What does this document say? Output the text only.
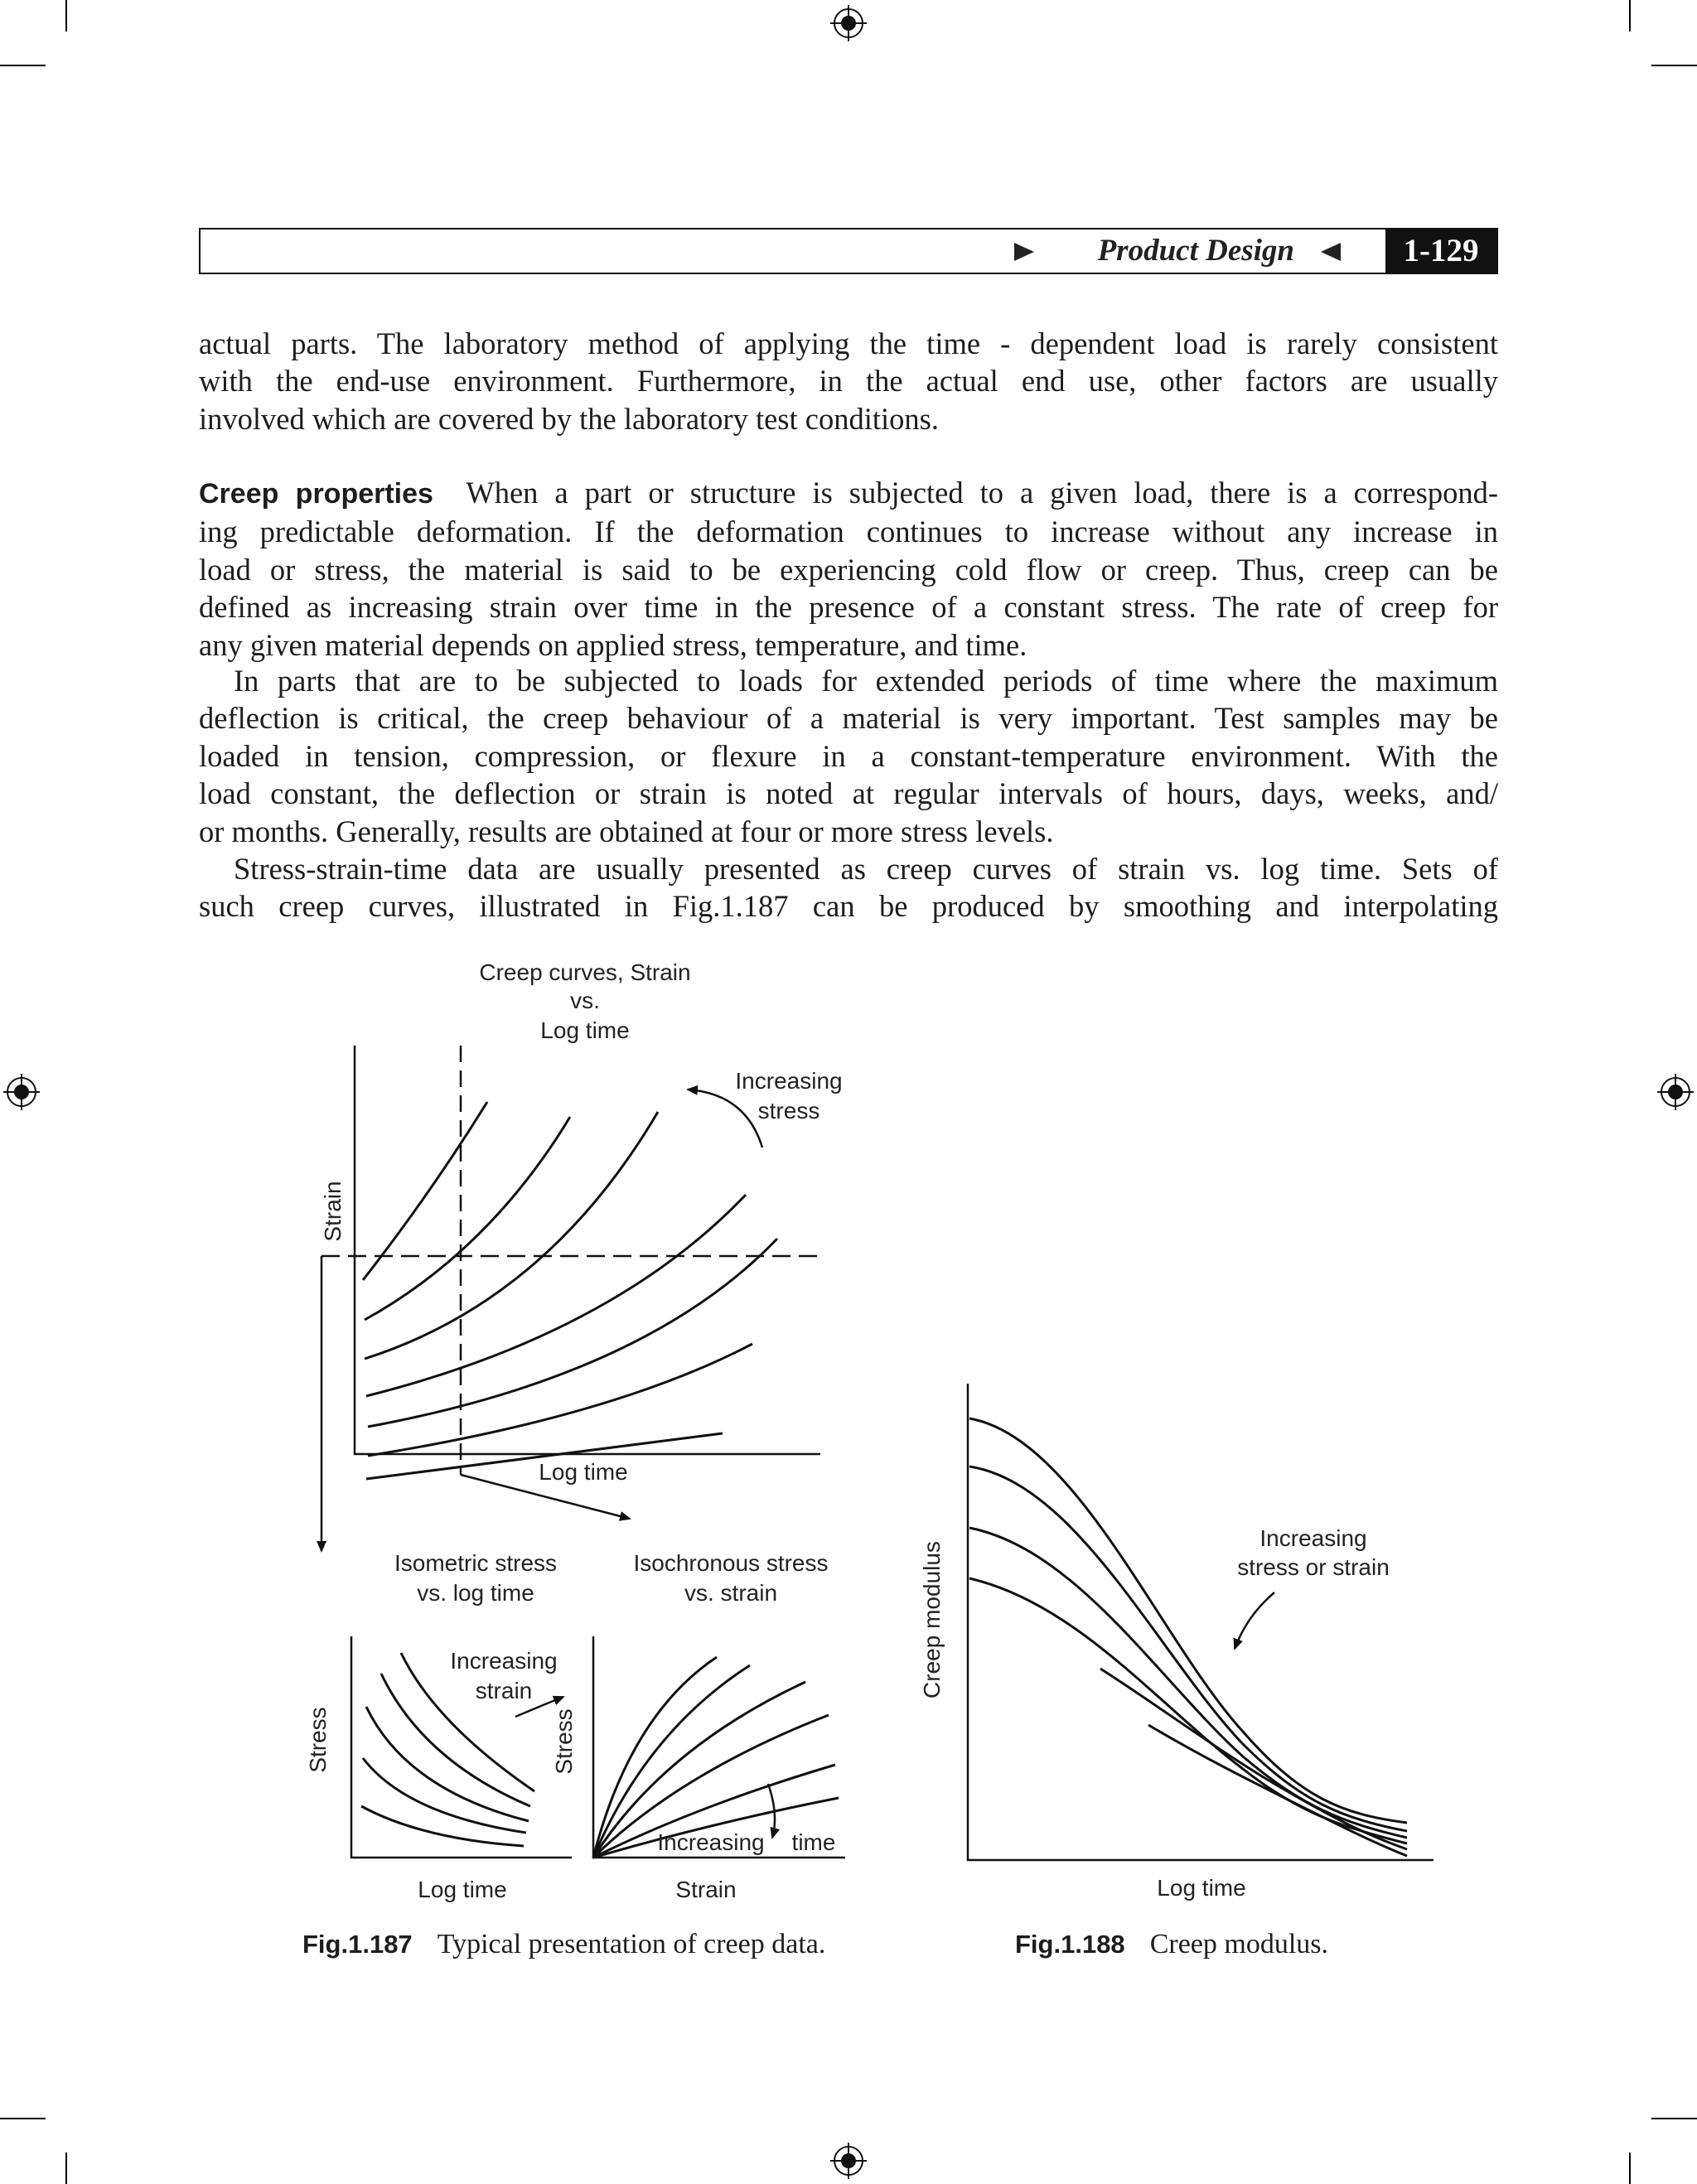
Product Design	1-129
actual parts. The laboratory method of applying the time - dependent load is rarely consistent
with the end-use environment. Furthermore, in the actual end use, other factors are usually
involved which are covered by the laboratory test conditions.
Creep properties When a part or structure is subjected to a given load, there is a correspond-
ing predictable deformation. If the deformation continues to increase without any increase in
load or stress, the material is said to be experiencing cold flow or creep. Thus, creep can be
defined as increasing strain over time in the presence of a constant stress. The rate of creep for
any given material depends on applied stress, temperature, and time.
In parts that are to be subjected to loads for extended periods of time where the maximum
deflection is critical, the creep behaviour of a material is very important. Test samples may be
loaded in tension, compression, or flexure in a constant-temperature environment. With the
load constant, the deflection or strain is noted at regular intervals of hours, days, weeks, and/
or months. Generally, results are obtained at four or more stress levels.
Stress-strain-time data are usually presented as creep curves of strain vs. log time. Sets of
such creep curves, illustrated in Fig.1.187 can be produced by smoothing and interpolating
Creep curves, Strain
vs.
Log time
Increasing
stress
Strain
Log time
Isometric stress
vs. log time
Isochronous stress
vs. strain
Stress
Log time
Increasing
strain
Stress
Strain
Increasing time
Fig.1.187 Typical presentation of creep data.
Creep modulus
Log time
Increasing
stress or strain
Fig.1.188 Creep modulus.
